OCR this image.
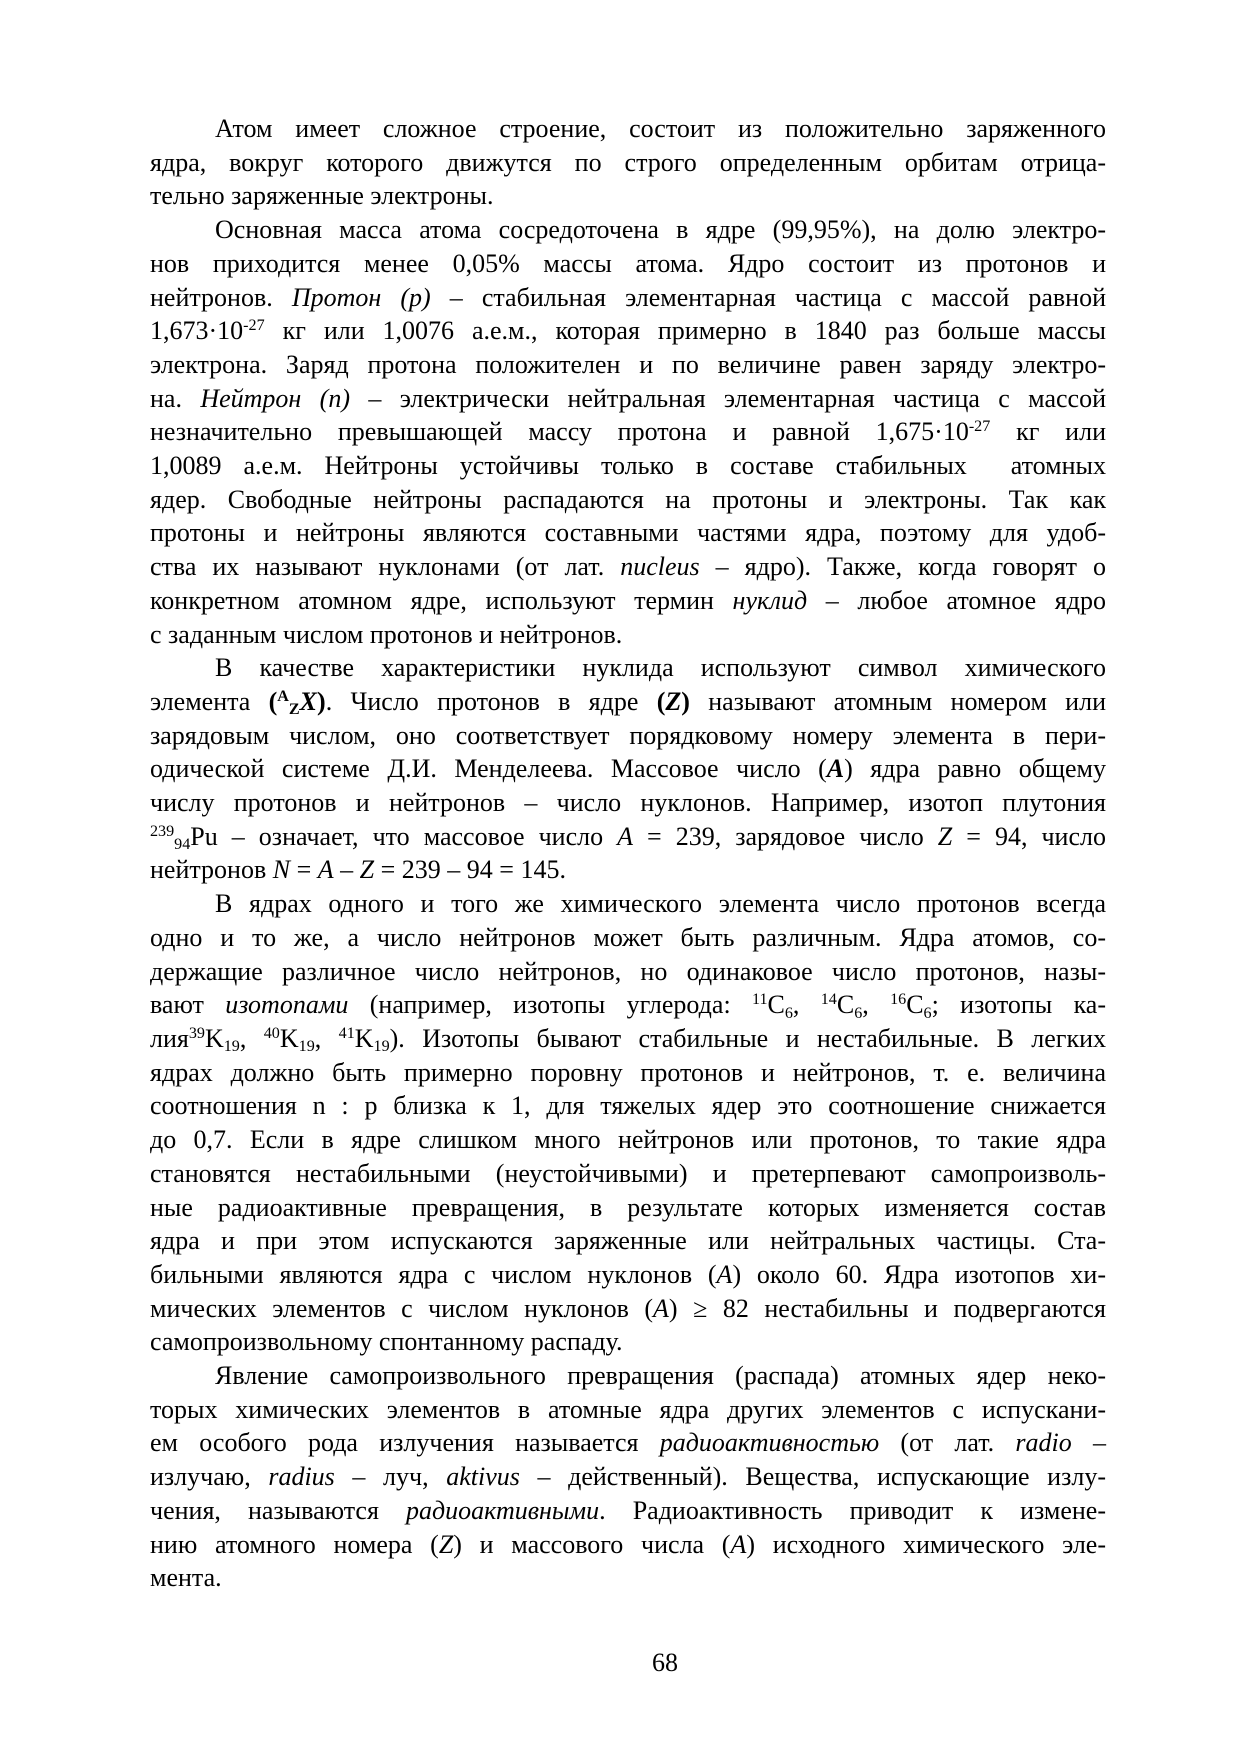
Атом имеет сложное строение, состоит из положительно заряженного
ядра, вокруг которого движутся по строго определенным орбитам отрица-
тельно заряженные электроны.
Основная масса атома сосредоточена в ядре (99,95%), на долю электро-
нов приходится менее 0,05% массы атома. Ядро состоит из протонов и
нейтронов. Протон (р) – стабильная элементарная частица с массой равной
$1,673\cdot 10^{-27}$ кг или 1,0076 а.е.м., которая примерно в 1840 раз больше массы
электрона. Заряд протона положителен и по величине равен заряду электро-
на. Нейтрон (n) – электрически нейтральная элементарная частица с массой
незначительно превышающей массу протона и равной $1,675\cdot 10^{-27}$ кг или
1,0089 а.е.м. Нейтроны устойчивы только в составе стабильных  атомных
ядер. Свободные нейтроны распадаются на протоны и электроны. Так как
протоны и нейтроны являются составными частями ядра, поэтому для удоб-
ства их называют нуклонами (от лат. nucleus – ядро). Также, когда говорят о
конкретном атомном ядре, используют термин нуклид – любое атомное ядро
с заданным числом протонов и нейтронов.
В качестве характеристики нуклида используют символ химического
элемента ($^А_Z$X). Число протонов в ядре (Z) называют атомным номером или
зарядовым числом, оно соответствует порядковому номеру элемента в пери-
одической системе Д.И. Менделеева. Массовое число (А) ядра равно общему
числу протонов и нейтронов – число нуклонов. Например, изотоп плутония
$^{239}_{94}$Pu – означает, что массовое число А = 239, зарядовое число Z = 94, число
нейтронов N = А – Z = 239 – 94 = 145.
В ядрах одного и того же химического элемента число протонов всегда
одно и то же, а число нейтронов может быть различным. Ядра атомов, со-
держащие различное число нейтронов, но одинаковое число протонов, назы-
вают изотопами (например, изотопы углерода: $^{11}C_6$, $^{14}C_6$, $^{16}C_6$; изотопы ка-
$лия^{39}K_{19}$, $^{40}K_{19}$, $^{41}K_{19}$). Изотопы бывают стабильные и нестабильные. В легких
ядрах должно быть примерно поровну протонов и нейтронов, т. е. величина
соотношения n : p близка к 1, для тяжелых ядер это соотношение снижается
до 0,7. Если в ядре слишком много нейтронов или протонов, то такие ядра
становятся нестабильными (неустойчивыми) и претерпевают самопроизволь-
ные радиоактивные превращения, в результате которых изменяется состав
ядра и при этом испускаются заряженные или нейтральных частицы. Ста-
бильными являются ядра с числом нуклонов (А) около 60. Ядра изотопов хи-
мических элементов с числом нуклонов (А) ≥ 82 нестабильны и подвергаются
самопроизвольному спонтанному распаду.
Явление самопроизвольного превращения (распада) атомных ядер неко-
торых химических элементов в атомные ядра других элементов с испускани-
ем особого рода излучения называется радиоактивностью (от лат. radio –
излучаю, radius – луч, aktivus – действенный). Вещества, испускающие излу-
чения, называются радиоактивными. Радиоактивность приводит к измене-
нию атомного номера (Z) и массового числа (А) исходного химического эле-
мента.
68
